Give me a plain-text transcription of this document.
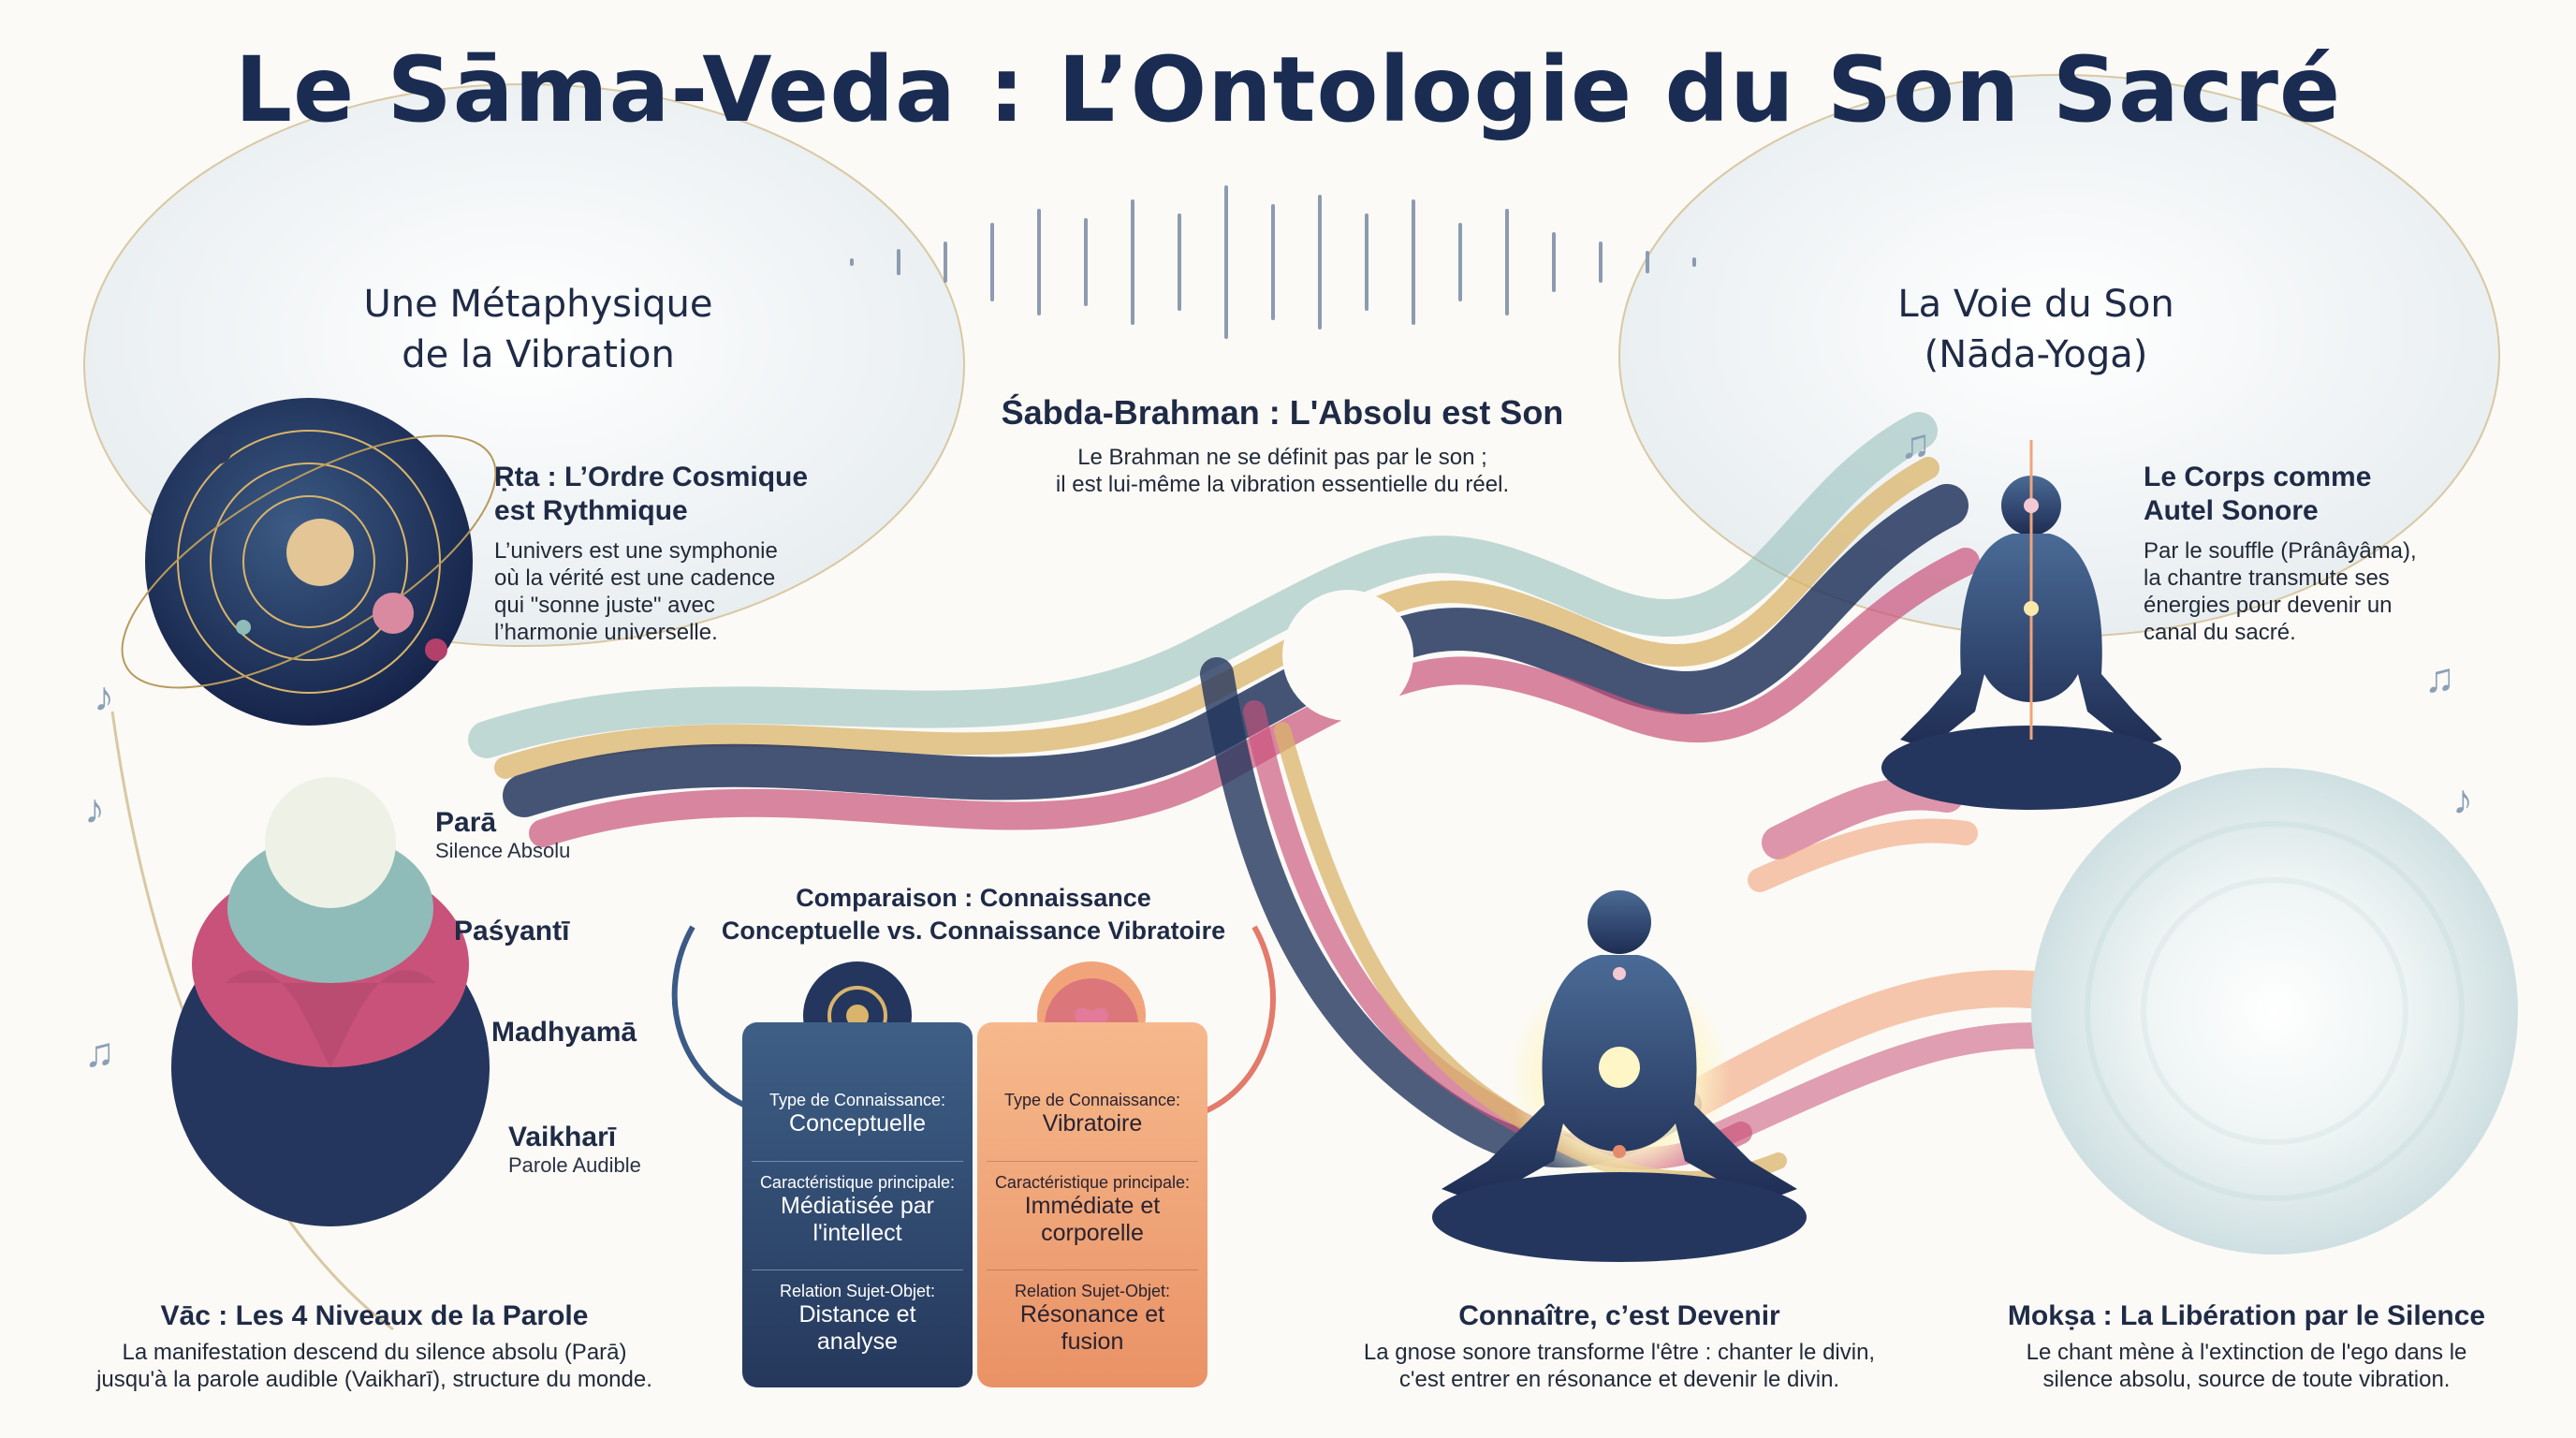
♪
♪
♫
♫
♫
♪
Le Sāma-Veda : L’Ontologie du Son Sacré
Une Métaphysique
de la Vibration
Ṛta : L’Ordre Cosmique
est Rythmique
L’univers est une symphonie
où la vérité est une cadence
qui "sonne juste" avec
l’harmonie universelle.
Śabda-Brahman : L'Absolu est Son
Le Brahman ne se définit pas par le son ;
il est lui-même la vibration essentielle du réel.
La Voie du Son
(Nāda-Yoga)
Le Corps comme
Autel Sonore
Par le souffle (Prânâyâma),
la chantre transmute ses
énergies pour devenir un
canal du sacré.
Parā
Silence Absolu
Paśyantī
Madhyamā
Vaikharī
Parole Audible
Vāc : Les 4 Niveaux de la Parole
La manifestation descend du silence absolu (Parā)
jusqu'à la parole audible (Vaikharī), structure du monde.
Comparaison : Connaissance
Conceptuelle vs. Connaissance Vibratoire
Type de Connaissance:
Conceptuelle
Caractéristique principale:
Médiatisée par
l'intellect
Relation Sujet-Objet:
Distance et
analyse
Type de Connaissance:
Vibratoire
Caractéristique principale:
Immédiate et
corporelle
Relation Sujet-Objet:
Résonance et
fusion
Connaître, c’est Devenir
La gnose sonore transforme l'être : chanter le divin,
c'est entrer en résonance et devenir le divin.
Mokṣa : La Libération par le Silence
Le chant mène à l'extinction de l'ego dans le
silence absolu, source de toute vibration.
